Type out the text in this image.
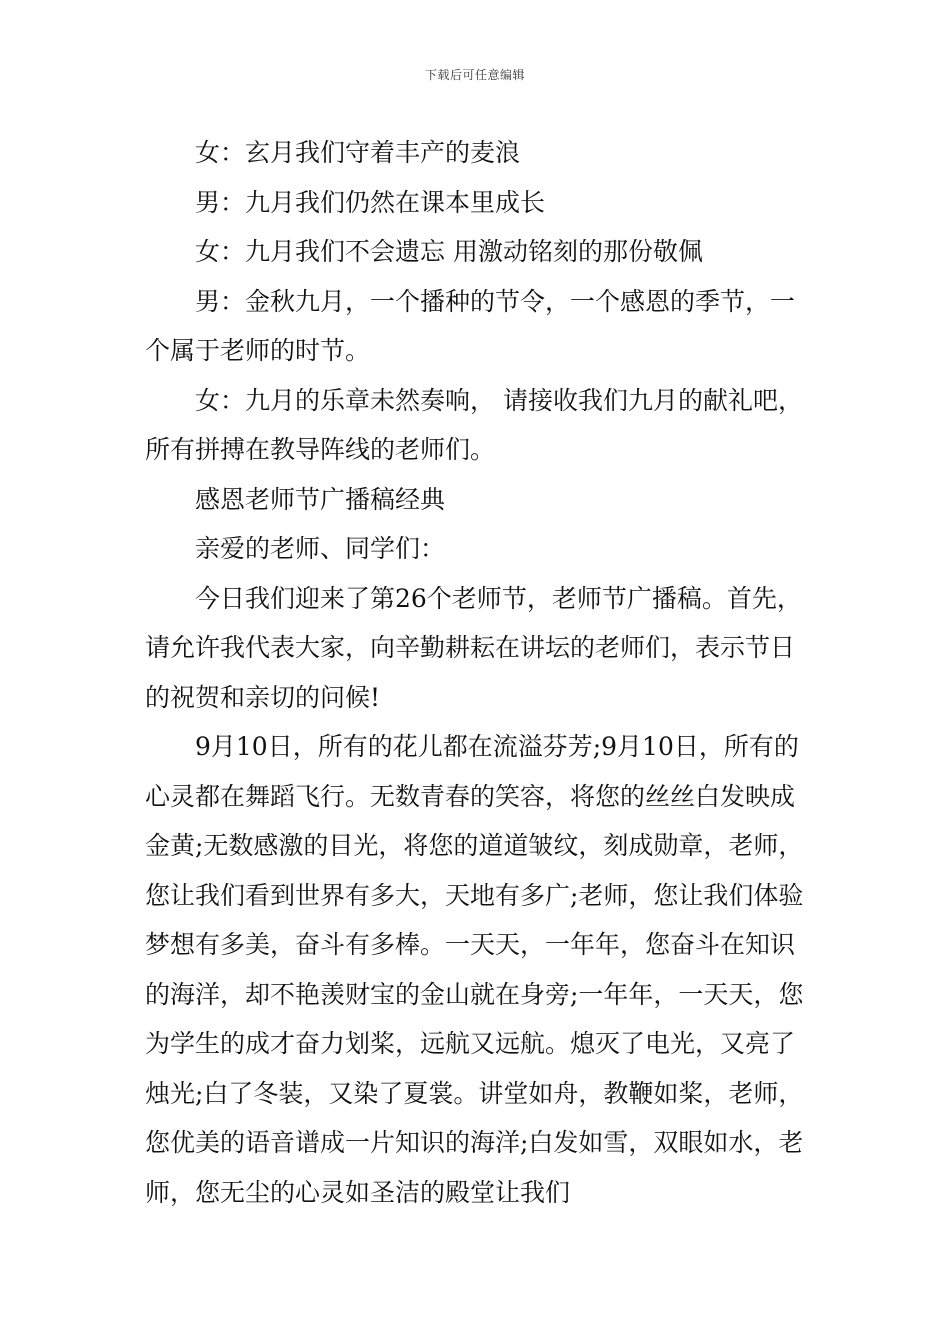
下载后可任意编辑

女：玄月我们守着丰产的麦浪

男：九月我们仍然在课本里成长

女：九月我们不会遗忘 用激动铭刻的那份敬佩

男：金秋九月，一个播种的节令，一个感恩的季节，一个属于老师的时节。

女：九月的乐章未然奏响， 请接收我们九月的献礼吧， 所有拼搏在教导阵线的老师们。

感恩老师节广播稿经典

亲爱的老师、同学们：

今日我们迎来了第26个老师节，老师节广播稿。首先，请允许我代表大家，向辛勤耕耘在讲坛的老师们，表示节日的祝贺和亲切的问候!

9月10日，所有的花儿都在流溢芬芳;9月10日，所有的心灵都在舞蹈飞行。无数青春的笑容，将您的丝丝白发映成金黄;无数感激的目光，将您的道道皱纹，刻成勋章，老师，您让我们看到世界有多大，天地有多广;老师，您让我们体验梦想有多美，奋斗有多棒。一天天，一年年，您奋斗在知识的海洋，却不艳羡财宝的金山就在身旁;一年年，一天天，您为学生的成才奋力划桨，远航又远航。熄灭了电光，又亮了烛光;白了冬装，又染了夏裳。讲堂如舟，教鞭如桨，老师，您优美的语音谱成一片知识的海洋;白发如雪，双眼如水，老师，您无尘的心灵如圣洁的殿堂让我们
